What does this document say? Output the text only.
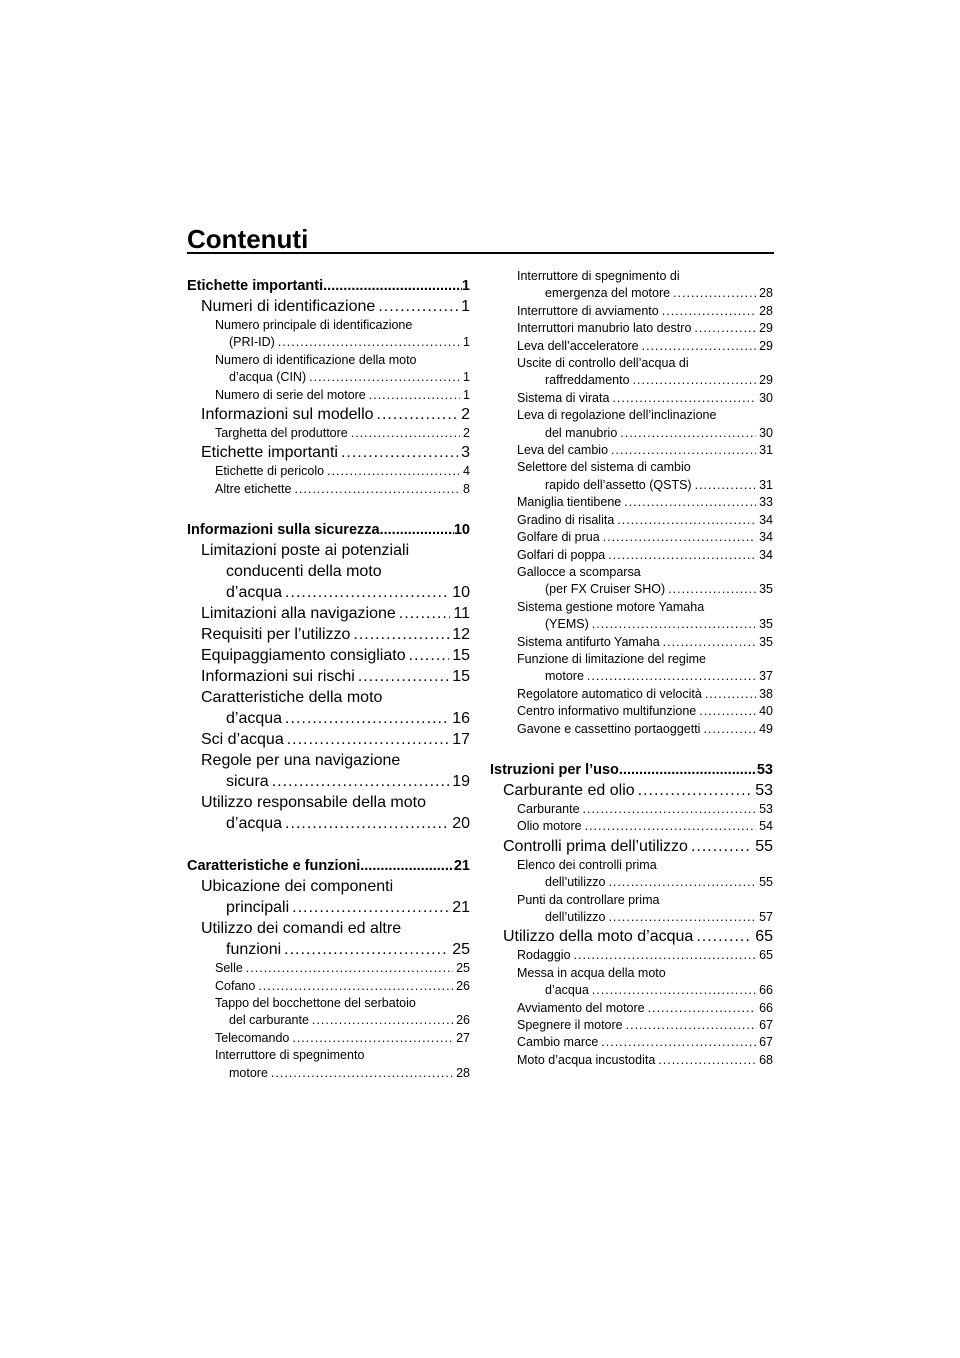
Contenuti
Etichette importanti .....	1
Numeri di identificazione .....	1
Numero principale di identificazione
(PRI-ID) .....	1
Numero di identificazione della moto
d’acqua (CIN) .....	1
Numero di serie del motore .....	1
Informazioni sul modello .....	2
Targhetta del produttore .....	2
Etichette importanti .....	3
Etichette di pericolo .....	4
Altre etichette .....	8
Informazioni sulla sicurezza .....	10
Limitazioni poste ai potenziali
conducenti della moto
d’acqua .....	10
Limitazioni alla navigazione .....	11
Requisiti per l’utilizzo .....	12
Equipaggiamento consigliato .....	15
Informazioni sui rischi .....	15
Caratteristiche della moto
d’acqua .....	16
Sci d’acqua .....	17
Regole per una navigazione
sicura .....	19
Utilizzo responsabile della moto
d’acqua .....	20
Caratteristiche e funzioni .....	21
Ubicazione dei componenti
principali .....	21
Utilizzo dei comandi ed altre
funzioni .....	25
Selle .....	25
Cofano .....	26
Tappo del bocchettone del serbatoio
del carburante .....	26
Telecomando .....	27
Interruttore di spegnimento
motore .....	28
Interruttore di spegnimento di
emergenza del motore .....	28
Interruttore di avviamento .....	28
Interruttori manubrio lato destro .....	29
Leva dell’acceleratore .....	29
Uscite di controllo dell’acqua di
raffreddamento .....	29
Sistema di virata .....	30
Leva di regolazione dell’inclinazione
del manubrio .....	30
Leva del cambio .....	31
Selettore del sistema di cambio
rapido dell’assetto (QSTS) .....	31
Maniglia tientibene .....	33
Gradino di risalita .....	34
Golfare di prua .....	34
Golfari di poppa .....	34
Gallocce a scomparsa
(per FX Cruiser SHO) .....	35
Sistema gestione motore Yamaha
(YEMS) .....	35
Sistema antifurto Yamaha .....	35
Funzione di limitazione del regime
motore .....	37
Regolatore automatico di velocità .....	38
Centro informativo multifunzione .....	40
Gavone e cassettino portaoggetti .....	49
Istruzioni per l’uso .....	53
Carburante ed olio .....	53
Carburante .....	53
Olio motore .....	54
Controlli prima dell’utilizzo .....	55
Elenco dei controlli prima
dell’utilizzo .....	55
Punti da controllare prima
dell’utilizzo .....	57
Utilizzo della moto d’acqua .....	65
Rodaggio .....	65
Messa in acqua della moto
d’acqua .....	66
Avviamento del motore .....	66
Spegnere il motore .....	67
Cambio marce .....	67
Moto d’acqua incustodita .....	68
